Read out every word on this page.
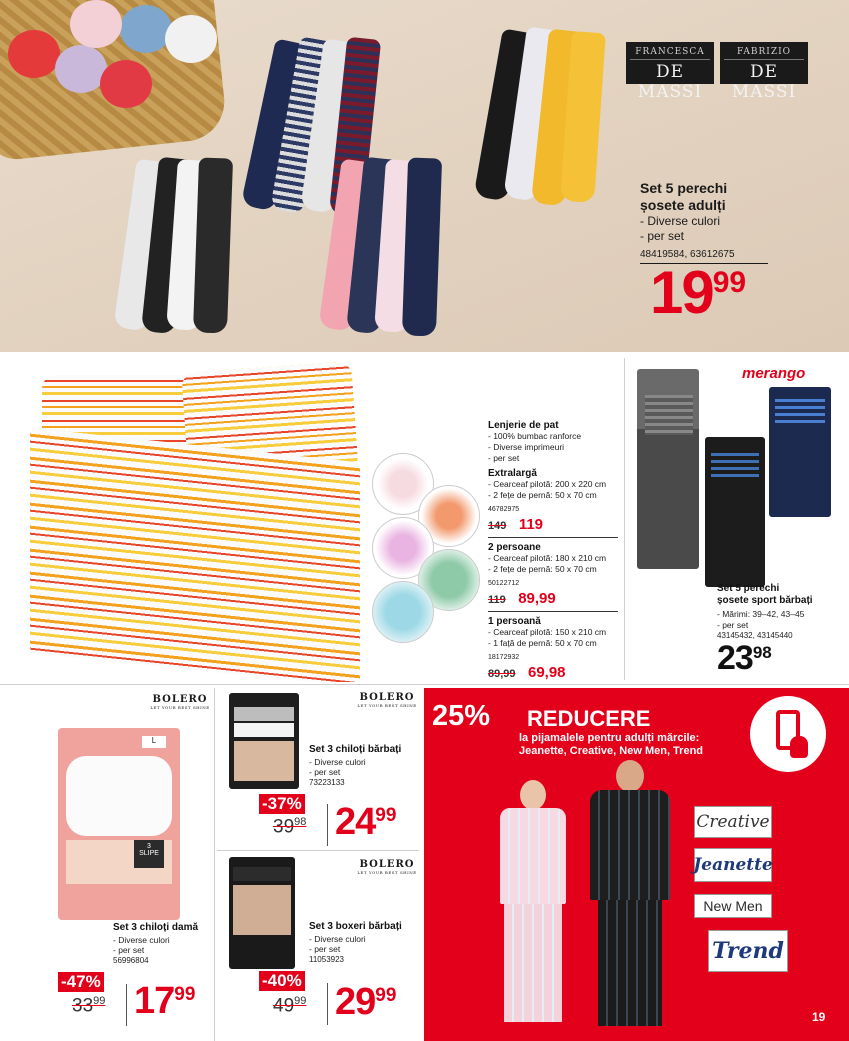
FRANCESCA
DE MASSI
FABRIZIO
DE MASSI
Set 5 perechi
șosete adulți
- Diverse culori
- per set
48419584, 63612675
1999
Lenjerie de pat
- 100% bumbac ranforce
- Diverse imprimeuri
- per set
Extralargă
- Cearceaf pilotă: 200 x 220 cm
- 2 fețe de pernă: 50 x 70 cm
46782975
149 119
2 persoane
- Cearceaf pilotă: 180 x 210 cm
- 2 fețe de pernă: 50 x 70 cm
50122712
119 89,99
1 persoană
- Cearceaf pilotă: 150 x 210 cm
- 1 față de pernă: 50 x 70 cm
18172932
89,99 69,98
merango
Set 5 perechi
șosete sport bărbați
- Mărimi: 39–42, 43–45
- per set
43145432, 43145440
2398
BOLERO
LET YOUR BEST SHINE
3
SLIPE
L
Set 3 chiloți damă
- Diverse culori
- per set
56996804
-47%
$33^{99}$ 1799
BOLERO
LET YOUR BEST SHINE
Set 3 chiloți bărbați
- Diverse culori
- per set
73223133
-37%
$39^{98}$ 2499
BOLERO
LET YOUR BEST SHINE
Set 3 boxeri bărbați
- Diverse culori
- per set
11053923
-40%
$49^{99}$ 2999
25% REDUCERE
la pijamalele pentru adulți mărcile:
Jeanette, Creative, New Men, Trend
Creative
Jeanette
New Men
Trend
19
